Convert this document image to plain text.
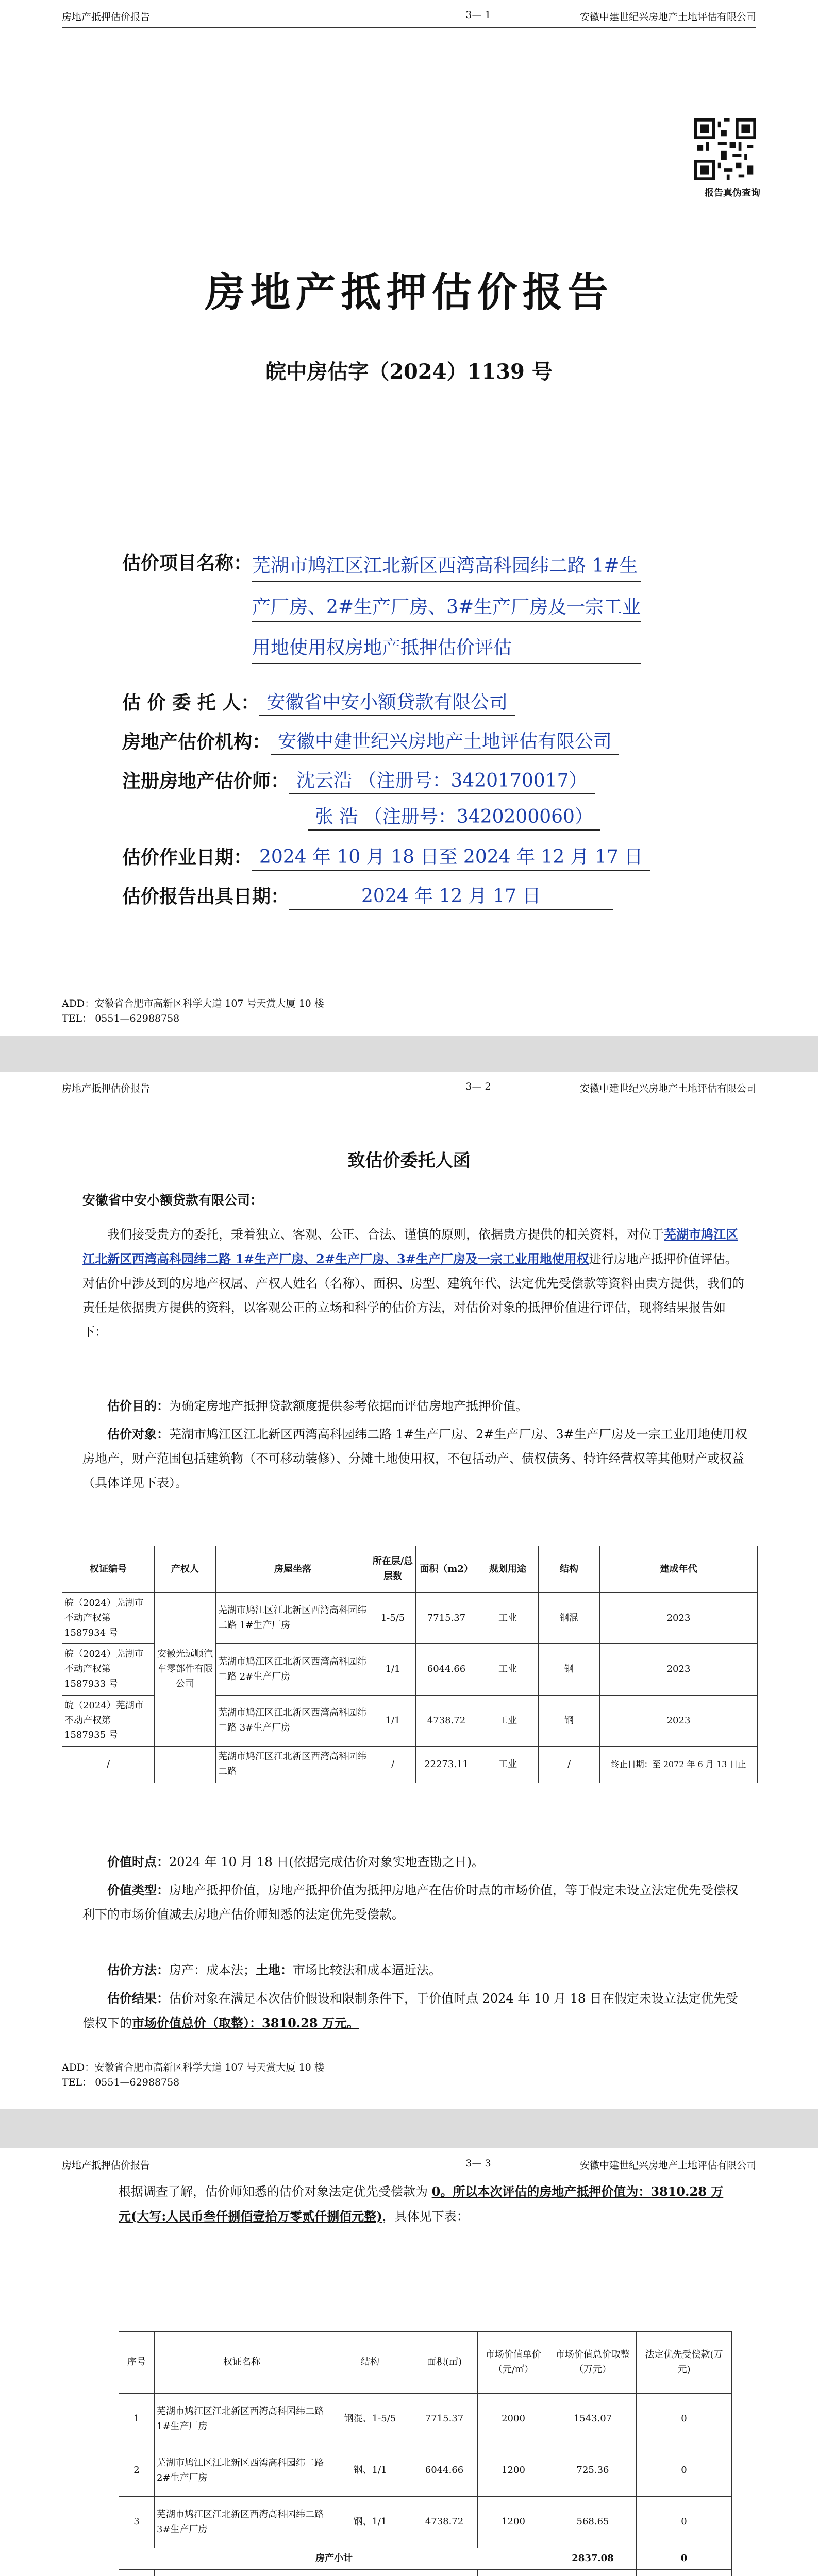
房地产抵押估价报告	3— 1	安徽中建世纪兴房地产土地评估有限公司
报告真伪查询
房地产抵押估价报告
皖中房估字（2024）1139 号
估价项目名称： 芜湖市鸠江区江北新区西湾高科园纬二路 1#生
产厂房、2#生产厂房、3#生产厂房及一宗工业
用地使用权房地产抵押估价评估
估 价 委 托 人： 安徽省中安小额贷款有限公司
房地产估价机构： 安徽中建世纪兴房地产土地评估有限公司
注册房地产估价师： 沈云浩 （注册号：3420170017）
张 浩 （注册号：3420200060）
估价作业日期： 2024 年 10 月 18 日至 2024 年 12 月 17 日
估价报告出具日期：	2024 年 12 月 17 日
ADD：安徽省合肥市高新区科学大道 107 号天赏大厦 10 楼
TEL： 0551—62988758
房地产抵押估价报告	3— 2	安徽中建世纪兴房地产土地评估有限公司
致估价委托人函
安徽省中安小额贷款有限公司：
我们接受贵方的委托，秉着独立、客观、公正、合法、谨慎的原则，依据贵方提供的相关资料，对位于芜湖市鸠江区江北新区西湾高科园纬二路 1#生产厂房、2#生产厂房、3#生产厂房及一宗工业用地使用权进行房地产抵押价值评估。对估价中涉及到的房地产权属、产权人姓名（名称）、面积、房型、建筑年代、法定优先受偿款等资料由贵方提供，我们的责任是依据贵方提供的资料，以客观公正的立场和科学的估价方法，对估价对象的抵押价值进行评估，现将结果报告如下：
估价目的：为确定房地产抵押贷款额度提供参考依据而评估房地产抵押价值。
估价对象：芜湖市鸠江区江北新区西湾高科园纬二路 1#生产厂房、2#生产厂房、3#生产厂房及一宗工业用地使用权房地产，财产范围包括建筑物（不可移动装修）、分摊土地使用权，不包括动产、债权债务、特许经营权等其他财产或权益（具体详见下表）。
权证编号	产权人	房屋坐落	所在层/总层数	面积（m2）	规划用途	结构	建成年代
皖（2024）芜湖市不动产权第 1587934 号	安徽光远顺汽车零部件有限公司	芜湖市鸠江区江北新区西湾高科园纬二路 1#生产厂房	1-5/5	7715.37	工业	钢混	2023
皖（2024）芜湖市不动产权第 1587933 号		芜湖市鸠江区江北新区西湾高科园纬二路 2#生产厂房	1/1	6044.66	工业	钢	2023
皖（2024）芜湖市不动产权第 1587935 号		芜湖市鸠江区江北新区西湾高科园纬二路 3#生产厂房	1/1	4738.72	工业	钢	2023
/		芜湖市鸠江区江北新区西湾高科园纬二路	/	22273.11	工业	/	终止日期：至 2072 年 6 月 13 日止
价值时点：2024 年 10 月 18 日(依据完成估价对象实地查勘之日)。
价值类型：房地产抵押价值，房地产抵押价值为抵押房地产在估价时点的市场价值，等于假定未设立法定优先受偿权利下的市场价值减去房地产估价师知悉的法定优先受偿款。
估价方法：房产：成本法；土地：市场比较法和成本逼近法。
估价结果：估价对象在满足本次估价假设和限制条件下，于价值时点 2024 年 10 月 18 日在假定未设立法定优先受偿权下的市场价值总价（取整）：3810.28 万元。
ADD：安徽省合肥市高新区科学大道 107 号天赏大厦 10 楼
TEL： 0551—62988758
房地产抵押估价报告	3— 3	安徽中建世纪兴房地产土地评估有限公司
根据调查了解，估价师知悉的估价对象法定优先受偿款为 0。所以本次评估的房地产抵押价值为：3810.28 万元(大写:人民币叁仟捌佰壹拾万零贰仟捌佰元整)，具体见下表：
序号	权证名称	结构	面积(㎡)	市场价值单价（元/㎡）	市场价值总价取整（万元）	法定优先受偿款(万元)
1	芜湖市鸠江区江北新区西湾高科园纬二路 1#生产厂房	钢混、1-5/5	7715.37	2000	1543.07	0
2	芜湖市鸠江区江北新区西湾高科园纬二路 2#生产厂房	钢、1/1	6044.66	1200	725.36	0
3	芜湖市鸠江区江北新区西湾高科园纬二路 3#生产厂房	钢、1/1	4738.72	1200	568.65	0
房产小计					2837.08	0
